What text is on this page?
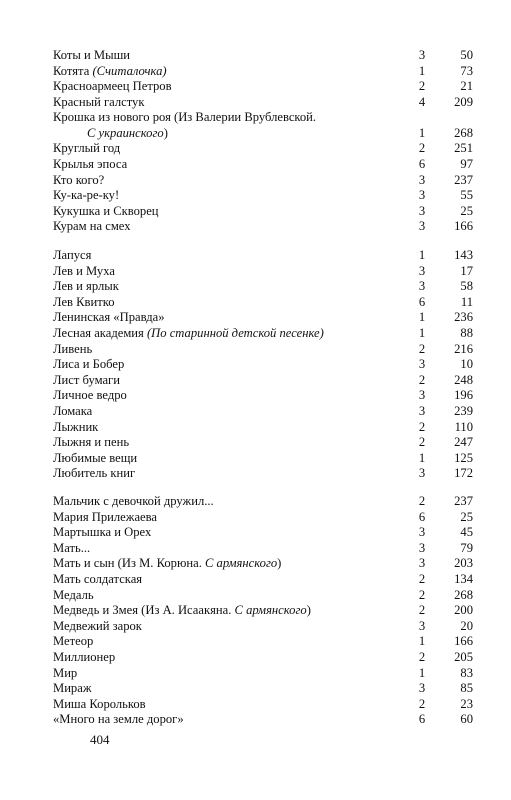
Коты и Мыши	3	50
Котята (Считалочка)	1	73
Красноармеец Петров	2	21
Красный галстук	4	209
Крошка из нового роя (Из Валерии Врублевской.
С украинского)	1	268
Круглый год	2	251
Крылья эпоса	6	97
Кто кого?	3	237
Ку-ка-ре-ку!	3	55
Кукушка и Скворец	3	25
Курам на смех	3	166
Лапуся	1	143
Лев и Муха	3	17
Лев и ярлык	3	58
Лев Квитко	6	11
Ленинская «Правда»	1	236
Лесная академия (По старинной детской песенке)	1	88
Ливень	2	216
Лиса и Бобер	3	10
Лист бумаги	2	248
Личное ведро	3	196
Ломака	3	239
Лыжник	2	110
Лыжня и пень	2	247
Любимые вещи	1	125
Любитель книг	3	172
Мальчик с девочкой дружил...	2	237
Мария Прилежаева	6	25
Мартышка и Орех	3	45
Мать...	3	79
Мать и сын (Из М. Корюна. С армянского)	3	203
Мать солдатская	2	134
Медаль	2	268
Медведь и Змея (Из А. Исаакяна. С армянского)	2	200
Медвежий зарок	3	20
Метеор	1	166
Миллионер	2	205
Мир	1	83
Мираж	3	85
Миша Корольков	2	23
«Много на земле дорог»	6	60
404
